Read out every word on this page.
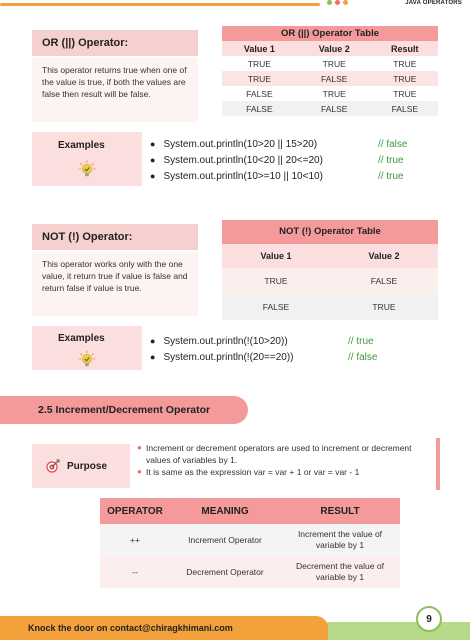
JAVA OPERATORS
OR (||) Operator:
This operator returns true when one of the value is true, if both the values are false then result will be false.
OR (||) Operator Table
Value 1	Value 2	Result
TRUE	TRUE	TRUE
TRUE	FALSE	TRUE
FALSE	TRUE	TRUE
FALSE	FALSE	FALSE
Examples	● System.out.println(10>20 || 15>20)	// false
● System.out.println(10<20 || 20<=20)	// true
● System.out.println(10>=10 || 10<10)	// true
NOT (!) Operator:
This operator works only with the one value, it return true if value is false and return false if value is true.
NOT (!) Operator Table
Value 1	Value 2
TRUE	FALSE
FALSE	TRUE
Examples	● System.out.println(!(10>20))	// true
● System.out.println(!(20==20))	// false
2.5 Increment/Decrement Operator
Purpose

● Increment or decrement operators are used to increment or decrement values of variables by 1.

● It is same as the expression var = var + 1 or var = var - 1

OPERATOR	MEANING	RESULT
++	Increment Operator	Increment the value of variable by 1
--	Decrement Operator	Decrement the value of variable by 1
Knock the door on contact@chiragkhimani.com
9
